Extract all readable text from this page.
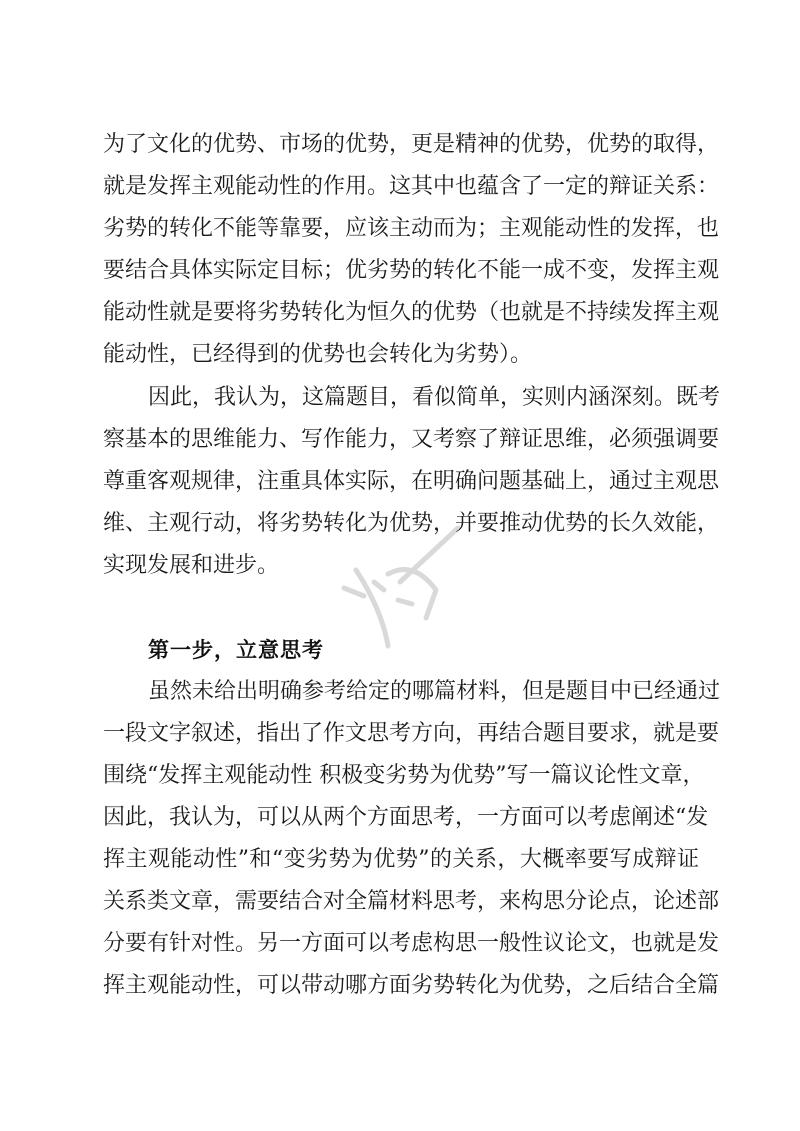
为了文化的优势、市场的优势，更是精神的优势，优势的取得，
就是发挥主观能动性的作用。这其中也蕴含了一定的辩证关系：
劣势的转化不能等靠要，应该主动而为；主观能动性的发挥，也
要结合具体实际定目标；优劣势的转化不能一成不变，发挥主观
能动性就是要将劣势转化为恒久的优势（也就是不持续发挥主观
能动性，已经得到的优势也会转化为劣势）。
因此，我认为，这篇题目，看似简单，实则内涵深刻。既考
察基本的思维能力、写作能力，又考察了辩证思维，必须强调要
尊重客观规律，注重具体实际，在明确问题基础上，通过主观思
维、主观行动，将劣势转化为优势，并要推动优势的长久效能，
实现发展和进步。
第一步，立意思考
虽然未给出明确参考给定的哪篇材料，但是题目中已经通过
一段文字叙述，指出了作文思考方向，再结合题目要求，就是要
围绕“发挥主观能动性 积极变劣势为优势”写一篇议论性文章，
因此，我认为，可以从两个方面思考，一方面可以考虑阐述“发
挥主观能动性”和“变劣势为优势”的关系，大概率要写成辩证
关系类文章，需要结合对全篇材料思考，来构思分论点，论述部
分要有针对性。另一方面可以考虑构思一般性议论文，也就是发
挥主观能动性，可以带动哪方面劣势转化为优势，之后结合全篇
